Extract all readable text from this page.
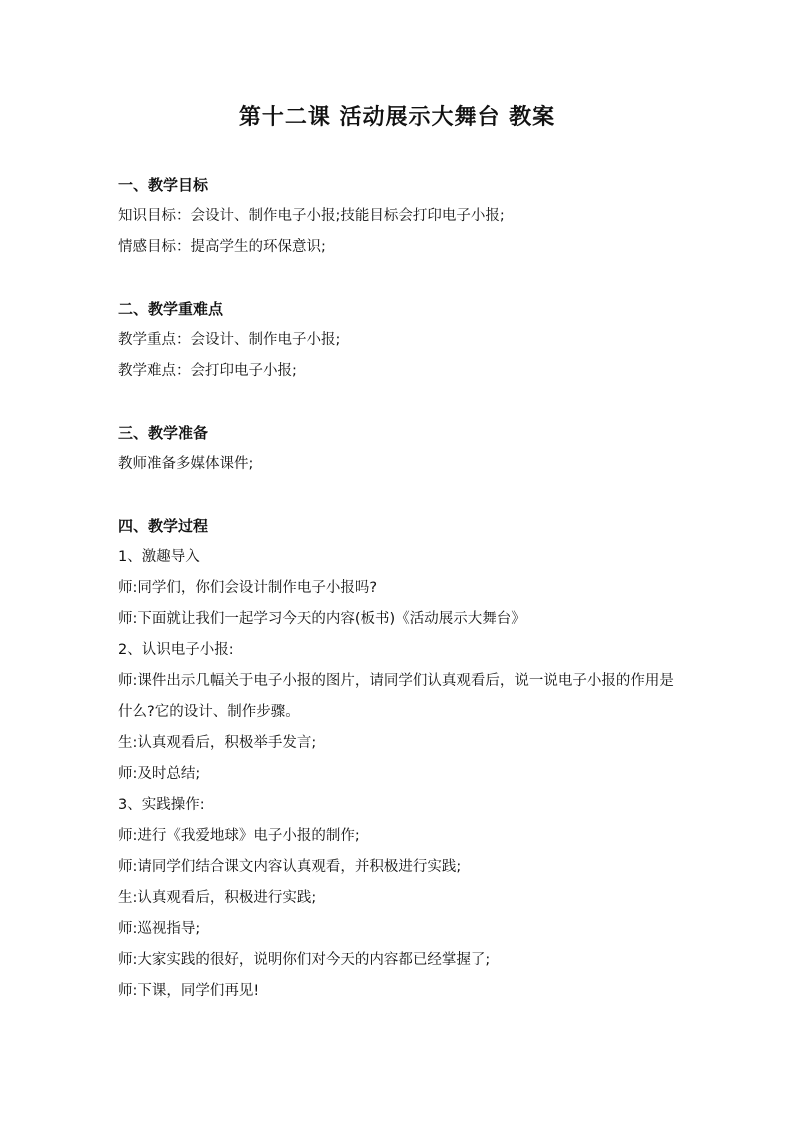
第十二课 活动展示大舞台 教案
一、教学目标
知识目标：会设计、制作电子小报;技能目标会打印电子小报;
情感目标：提高学生的环保意识;
二、教学重难点
教学重点：会设计、制作电子小报;
教学难点：会打印电子小报;
三、教学准备
教师准备多媒体课件;
四、教学过程
1、激趣导入
师:同学们，你们会设计制作电子小报吗?
师:下面就让我们一起学习今天的内容(板书)《活动展示大舞台》
2、认识电子小报:
师:课件出示几幅关于电子小报的图片，请同学们认真观看后，说一说电子小报的作用是什么?它的设计、制作步骤。
生:认真观看后，积极举手发言;
师:及时总结;
3、实践操作:
师:进行《我爱地球》电子小报的制作;
师:请同学们结合课文内容认真观看，并积极进行实践;
生:认真观看后，积极进行实践;
师:巡视指导;
师:大家实践的很好，说明你们对今天的内容都已经掌握了;
师:下课，同学们再见!
